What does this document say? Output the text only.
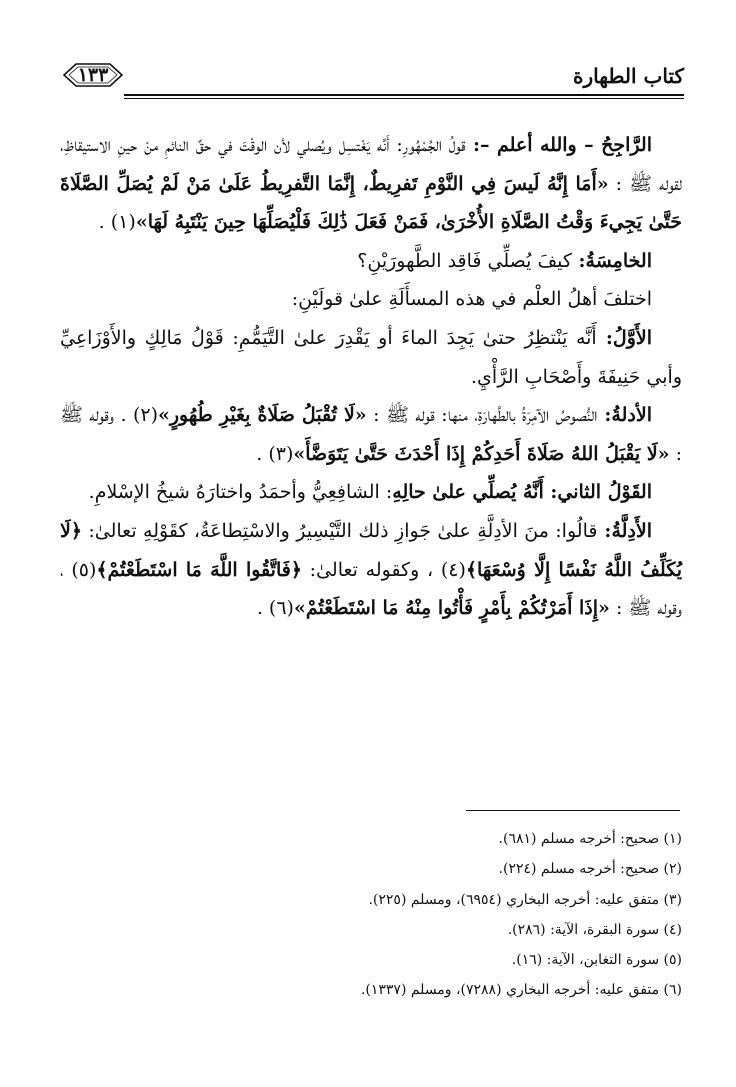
كتاب الطهارة
١٣٣

الرَّاجِحُ – والله أعلم –: قولُ الجُمْهُورِ: أَنَّه يَغْتسِل ويُصلي لأن الوقْتَ في حقِّ النائمِ منْ حينِ الاستيقاظِ، لقوله ﷺ : «أَمَا إِنَّهُ لَيسَ فِي النَّوْمِ تَفرِيطٌ، إِنَّمَا التَّفرِيطُ عَلَىٰ مَنْ لَمْ يُصَلِّ الصَّلَاةَ حَتَّىٰ يَجِيءَ وَقْتُ الصَّلَاةِ الأُخْرَىٰ، فَمَنْ فَعَلَ ذَٰلِكَ فَلْيُصَلِّهَا حِينَ يَنْتَبِهُ لَهَا»(١) .

الخامِسَةُ: كيفَ يُصلِّي فَاقِد الطَّهورَيْنِ؟

اختلفَ أهلُ العلْم في هذه المسأَلَةِ علىٰ قولَيْنِ:

الأَوَّلُ: أَنَّه يَنْتظِرُ حتىٰ يَجِدَ الماءَ أو يَقْدِرَ علىٰ التَّيَمُّمِ: قَوْلُ مَالِكٍ والأَوْزَاعِيِّ وأبي حَنِيفَةَ وأَصْحَابِ الرَّأْيِ.

الأدلةُ: النُّصوصُ الآمِرَةُ بالطَّهارَةِ، منها: قوله ﷺ : «لَا تُقْبَلُ صَلَاةٌ بِغَيْرِ طُهُورٍ»(٢) . وقوله ﷺ : «لَا يَقْبَلُ اللهُ صَلَاةَ أَحَدِكُمْ إِذَا أَحْدَثَ حَتَّىٰ يَتَوَضَّأَ»(٣) .

القَوْلُ الثاني: أَنَّهُ يُصلِّي علىٰ حالِهِ: الشافِعِيُّ وأحمَدُ واختارَهُ شيخُ الإسْلامِ.

الأَدِلَّةُ: قالُوا: منَ الأدِلَّةِ علىٰ جَوازِ ذلك التَّيْسِيرُ والاسْتِطاعَةُ، كقَوْلِهِ تعالىٰ: ﴿لَا يُكَلِّفُ اللَّهُ نَفْسًا إِلَّا وُسْعَهَا﴾(٤) ، وكقوله تعالىٰ: ﴿فَاتَّقُوا اللَّهَ مَا اسْتَطَعْتُمْ﴾(٥) ، وقوله ﷺ : «إِذَا أَمَرْتُكُمْ بِأَمْرٍ فَأْتُوا مِنْهُ مَا اسْتَطَعْتُمْ»(٦) .

(١) صحيح: أخرجه مسلم (٦٨١).

(٢) صحيح: أخرجه مسلم (٢٢٤).

(٣) متفق عليه: أخرجه البخاري (٦٩٥٤)، ومسلم (٢٢٥).

(٤) سورة البقرة، الآية: (٢٨٦).

(٥) سورة التغابن، الآية: (١٦).

(٦) متفق عليه: أخرجه البخاري (٧٢٨٨)، ومسلم (١٣٣٧).
